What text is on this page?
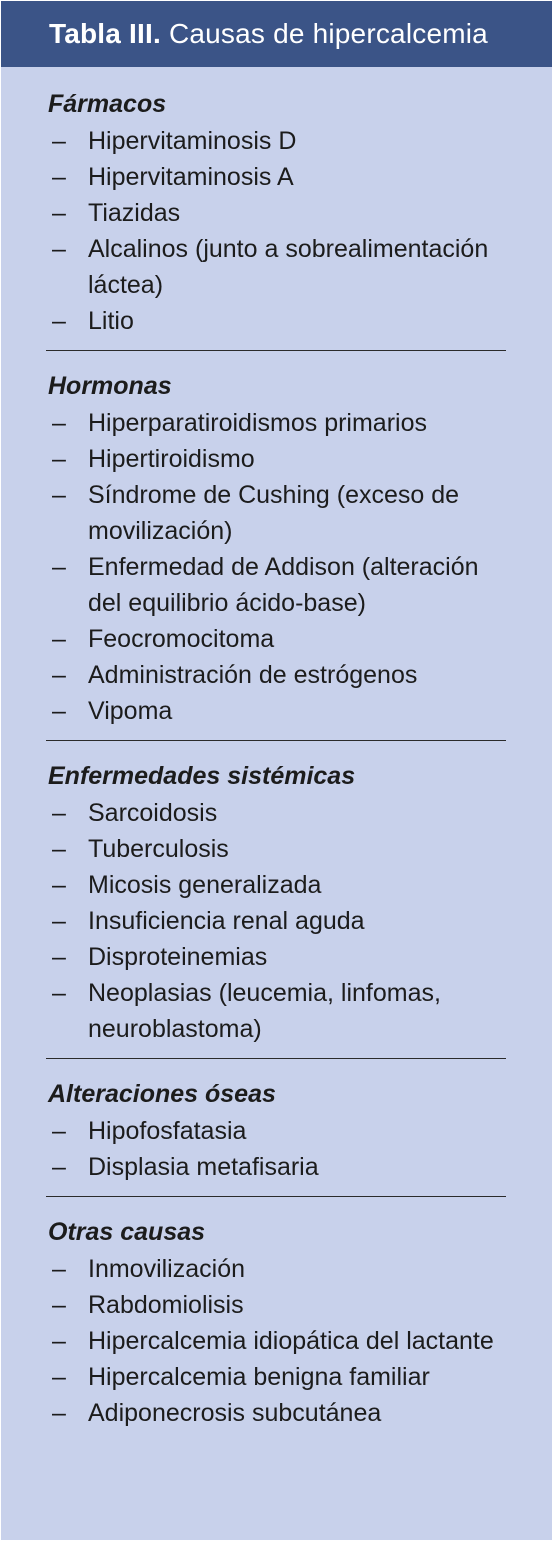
Tabla III. Causas de hipercalcemia
Fármacos
– Hipervitaminosis D
– Hipervitaminosis A
– Tiazidas
– Alcalinos (junto a sobrealimentación láctea)
– Litio
Hormonas
– Hiperparatiroidismos primarios
– Hipertiroidismo
– Síndrome de Cushing (exceso de movilización)
– Enfermedad de Addison (alteración del equilibrio ácido-base)
– Feocromocitoma
– Administración de estrógenos
– Vipoma
Enfermedades sistémicas
– Sarcoidosis
– Tuberculosis
– Micosis generalizada
– Insuficiencia renal aguda
– Disproteinemias
– Neoplasias (leucemia, linfomas, neuroblastoma)
Alteraciones óseas
– Hipofosfatasia
– Displasia metafisaria
Otras causas
– Inmovilización
– Rabdomiolisis
– Hipercalcemia idiopática del lactante
– Hipercalcemia benigna familiar
– Adiponecrosis subcutánea
